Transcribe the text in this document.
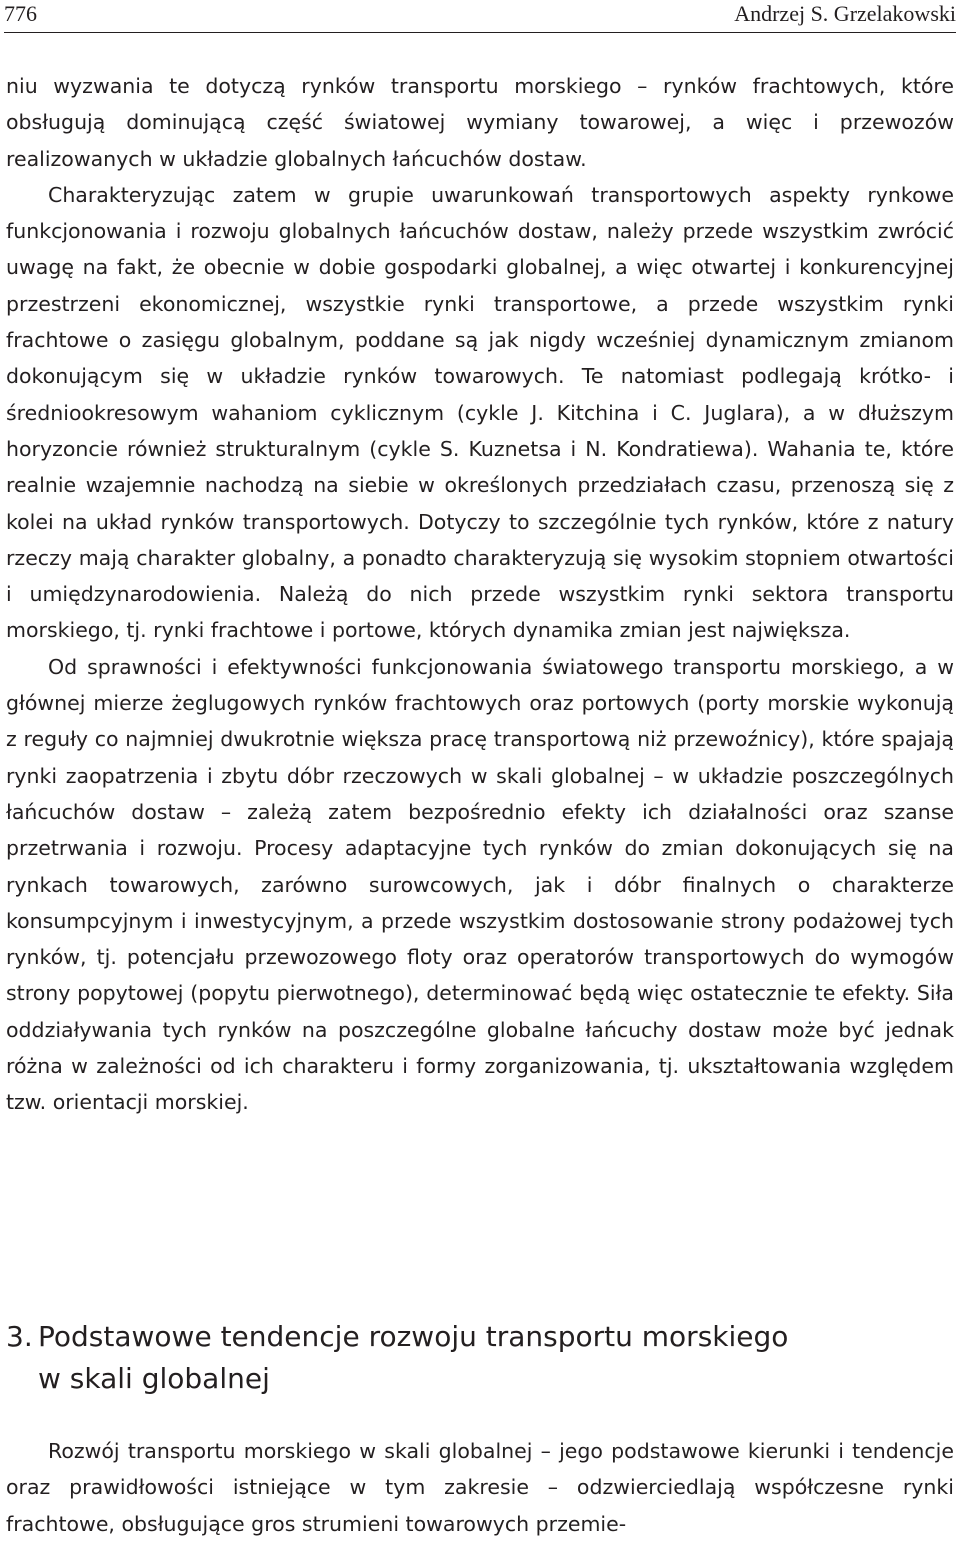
776	Andrzej S. Grzelakowski

niu wyzwania te dotyczą rynków transportu morskiego – rynków frachtowych, które obsługują dominującą część światowej wymiany towarowej, a więc i przewozów realizowanych w układzie globalnych łańcuchów dostaw.

Charakteryzując zatem w grupie uwarunkowań transportowych aspekty rynkowe funkcjonowania i rozwoju globalnych łańcuchów dostaw, należy przede wszystkim zwrócić uwagę na fakt, że obecnie w dobie gospodarki globalnej, a więc otwartej i konkurencyjnej przestrzeni ekonomicznej, wszystkie rynki transportowe, a przede wszystkim rynki frachtowe o zasięgu globalnym, poddane są jak nigdy wcześniej dynamicznym zmianom dokonującym się w układzie rynków towarowych. Te natomiast podlegają krótko- i średniookresowym wahaniom cyklicznym (cykle J. Kitchina i C. Juglara), a w dłuższym horyzoncie również strukturalnym (cykle S. Kuznetsa i N. Kondratiewa). Wahania te, które realnie wzajemnie nachodzą na siebie w określonych przedziałach czasu, przenoszą się z kolei na układ rynków transportowych. Dotyczy to szczególnie tych rynków, które z natury rzeczy mają charakter globalny, a ponadto charakteryzują się wysokim stopniem otwartości i umiędzynarodowienia. Należą do nich przede wszystkim rynki sektora transportu morskiego, tj. rynki frachtowe i portowe, których dynamika zmian jest największa.

Od sprawności i efektywności funkcjonowania światowego transportu morskiego, a w głównej mierze żeglugowych rynków frachtowych oraz portowych (porty morskie wykonują z reguły co najmniej dwukrotnie większa pracę transportową niż przewoźnicy), które spajają rynki zaopatrzenia i zbytu dóbr rzeczowych w skali globalnej – w układzie poszczególnych łańcuchów dostaw – zależą zatem bezpośrednio efekty ich działalności oraz szanse przetrwania i rozwoju. Procesy adaptacyjne tych rynków do zmian dokonujących się na rynkach towarowych, zarówno surowcowych, jak i dóbr finalnych o charakterze konsumpcyjnym i inwestycyjnym, a przede wszystkim dostosowanie strony podażowej tych rynków, tj. potencjału przewozowego floty oraz operatorów transportowych do wymogów strony popytowej (popytu pierwotnego), determinować będą więc ostatecznie te efekty. Siła oddziaływania tych rynków na poszczególne globalne łańcuchy dostaw może być jednak różna w zależności od ich charakteru i formy zorganizowania, tj. ukształtowania względem tzw. orientacji morskiej.

3. Podstawowe tendencje rozwoju transportu morskiego
w skali globalnej

Rozwój transportu morskiego w skali globalnej – jego podstawowe kierunki i tendencje oraz prawidłowości istniejące w tym zakresie – odzwierciedlają współczesne rynki frachtowe, obsługujące gros strumieni towarowych przemie-
